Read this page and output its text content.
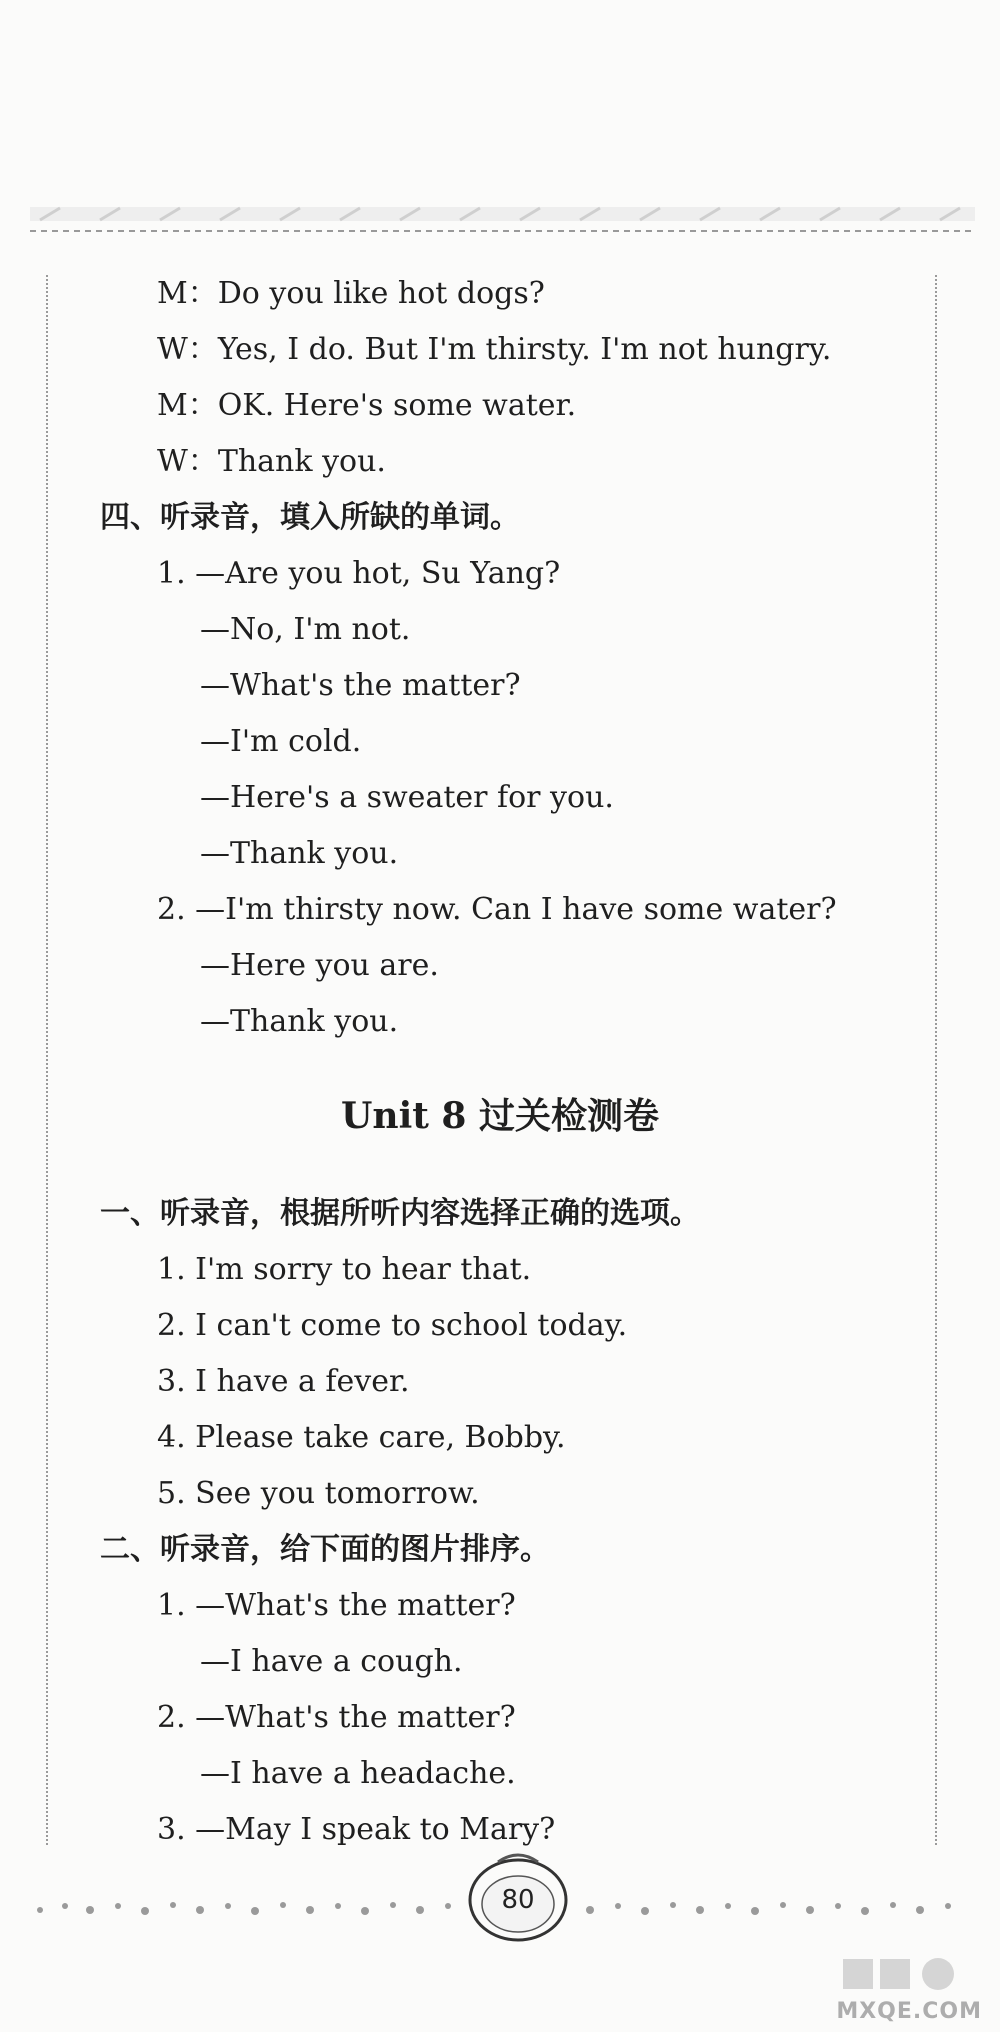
M：Do you like hot dogs?
W：Yes, I do. But I'm thirsty. I'm not hungry.
M：OK. Here's some water.
W：Thank you.
四、听录音，填入所缺的单词。
1. —Are you hot, Su Yang?
—No, I'm not.
—What's the matter?
—I'm cold.
—Here's a sweater for you.
—Thank you.
2. —I'm thirsty now. Can I have some water?
—Here you are.
—Thank you.
Unit 8 过关检测卷
一、听录音，根据所听内容选择正确的选项。
1. I'm sorry to hear that.
2. I can't come to school today.
3. I have a fever.
4. Please take care, Bobby.
5. See you tomorrow.
二、听录音，给下面的图片排序。
1. —What's the matter?
—I have a cough.
2. —What's the matter?
—I have a headache.
3. —May I speak to Mary?
80
MXQE.COM
